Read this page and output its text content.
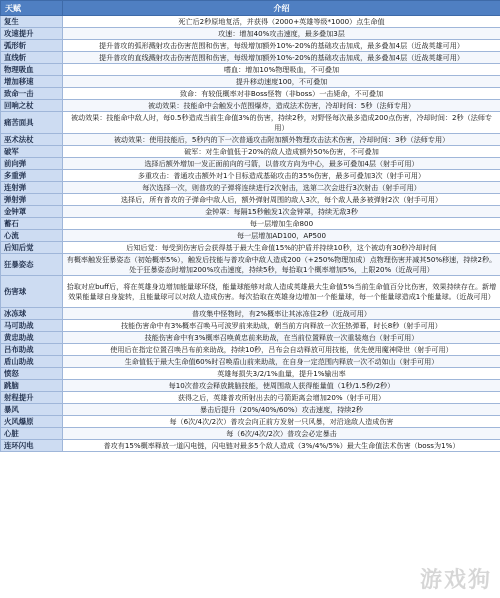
天赋	介绍
复生	死亡后2秒原地复活，并获得（2000+英雄等级*1000）点生命值
攻速提升	攻速：增加40%攻击速度，最多叠加3层
弧形斩	提升普攻的弧形溅射攻击伤害范围和伤害，每级增加额外10%-20%的基础攻击加成，最多叠加4层（近战英雄可用）
直线斩	提升普攻的直线溅射攻击伤害范围和伤害，每级增加额外10%-20%的基础攻击加成，最多叠加4层（近战英雄可用）
物理吸血	嗜血：增加10%物理吸血，不可叠加
增加移速	提升移动速度100，不可叠加
致命一击	致命：有较低概率对非Boss怪物（非boss）一击毙命，不可叠加
回响之杖	被动效果：技能命中会触发小范围爆炸，造成法术伤害，冷却时间：5秒（法师专用）
痛苦面具	被动效果：技能命中敌人时，每0.5秒造成当前生命值3%的伤害，持续2秒，对野怪每次最多造成200点伤害，冷却时间：2秒（法师专用）
巫术法杖	被动效果：使用技能后，5秒内的下一次普通攻击附加额外物理攻击法术伤害，冷却时间：3秒（法师专用）
破军	破军：对生命值低于20%的敌人造成额外50%伤害，不可叠加
前向弹	选择后额外增加一发正面前向的弓箭，以普攻方向为中心，最多可叠加4层（射手可用）
多重弹	多重攻击：普通攻击额外对1个目标造成基础攻击的35%伤害，最多可叠加3次（射手可用）
连射弹	每次选择一次，则普攻的子弹将连续进行2次射击，选第二次会进行3次射击（射手可用）
弹射弹	选择后，所有普攻的子弹命中敌人后，额外弹射周围的敌人3次，每个敌人最多被弹射2次（射手可用）
金钟罩	金钟罩：每隔15秒触发1次金钟罩，持续无敌3秒
蓄石	每一层增加生命800
心流	每一层增加AD100，AP500
后知后觉	后知后觉：每受到伤害后会获得基于最大生命值15%的护盾并持续10秒，这个被动有30秒冷却时间
狂暴姿态	有概率触发狂暴姿态（初始概率5%），触发后技能与普攻命中敌人造成200（+250%物理加成）点物理伤害并减其50%移速，持续2秒。处于狂暴姿态时增加200%攻击速度，持续5秒，每拾取1个概率增加5%，上限20%（近战可用）
伤害球	拾取对应buff后，将在英雄身边增加能量球环绕，能量球能够对敌人造成英雄最大生命值5%当前生命值百分比伤害，效果持续存在。新增效果能量球自身旋转，且能量球可以对敌人造成伤害。每次拾取在英雄身边增加一个能量球，每一个能量球造成1个能量球。（近战可用）
冰冻球	普攻集中怪物时，有2%概率让其冰冻住2秒（近战可用）
马可助战	技能伤害命中有3%概率召唤马可波罗前来助战，朝当前方向释放一次狂热弹幕，时长8秒（射手可用）
黄忠助战	技能伤害命中有3%概率召唤黄忠前来助战，在当前位置释放一次重装炮台（射手可用）
吕布助战	使用后在指定位置召唤吕布前来助战，持续10秒，吕布会自动释放可用技能，优先使用魔神降世（射手可用）
盾山助战	生命值低于最大生命值60%时召唤盾山前来助战，在自身一定范围内释放一次不动如山（射手可用）
愤怒	英雄每损失3/2/1%血量，提升1%输出率
跳脑	每10次普攻会释放跳脑技能，使周围敌人获得能量值（1秒/1.5秒/2秒）
射程提升	获得之后，英雄普攻所射出去的弓箭距离会增加20%（射手可用）
暴风	暴击后提升（20%/40%/60%）攻击速度，持续2秒
火风爆原	每（6次/4次/2次）普攻会向正前方发射一只风暴，对沿途敌人造成伤害
心脏	每（6次/4次/2次）普攻会必定暴击
连环闪电	普攻有15%概率释放一道闪电链，闪电链对最多5个敌人造成（3%/4%/5%）最大生命值法术伤害（boss为1%）
游戏狗
